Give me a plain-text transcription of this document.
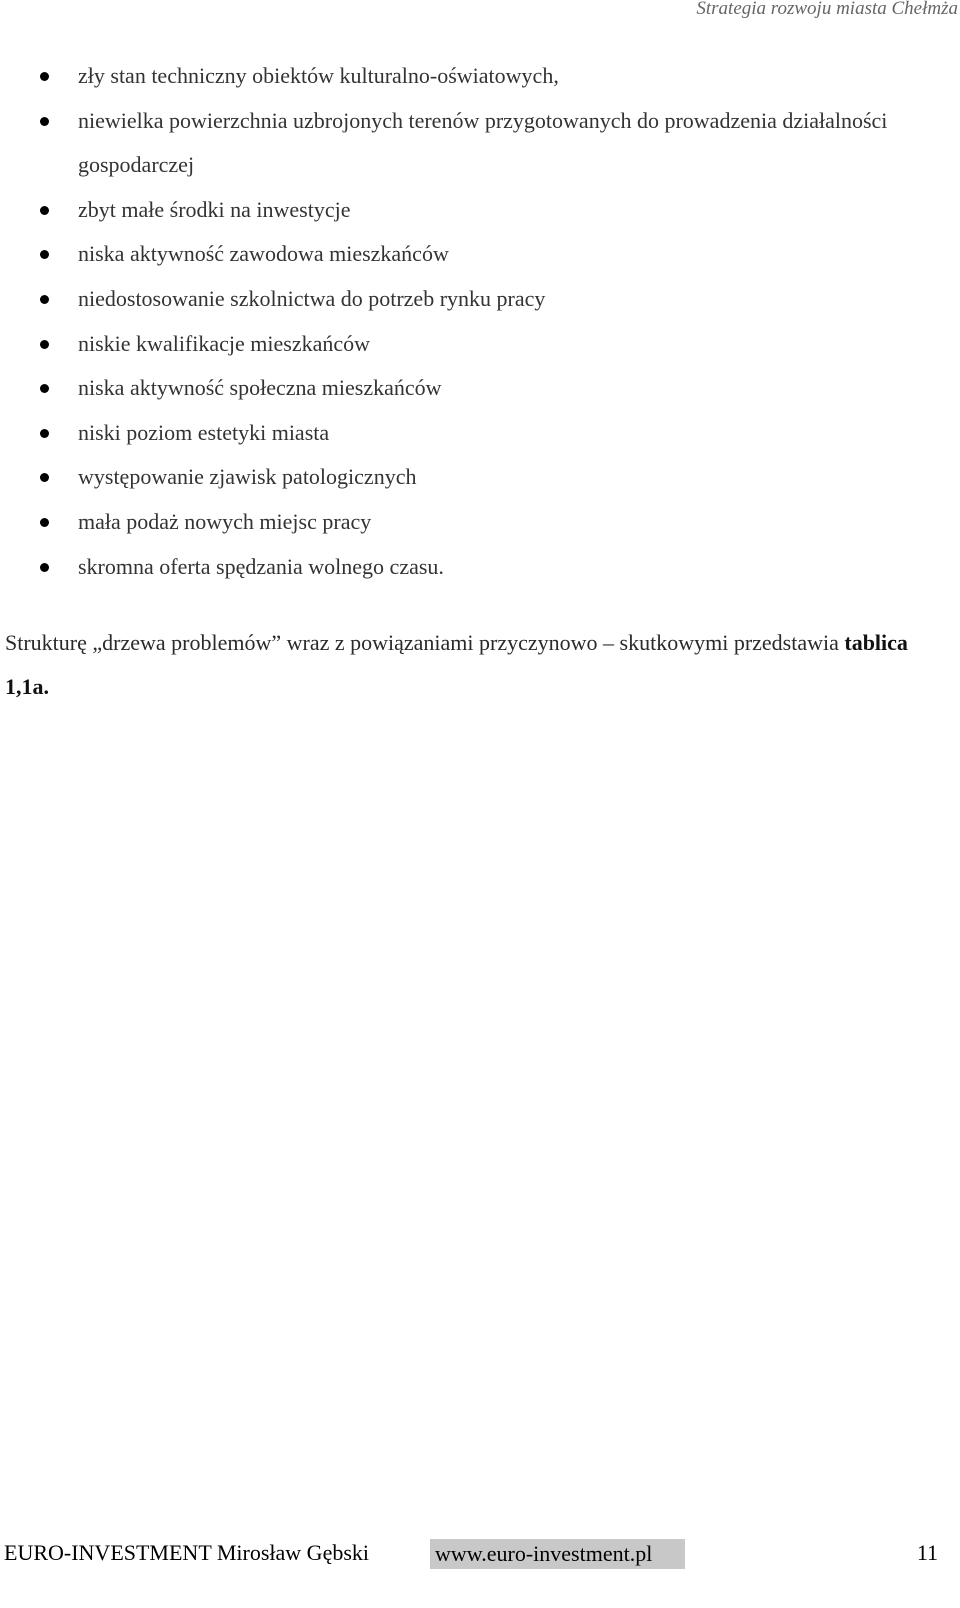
Strategia rozwoju miasta Chełmża
zły stan techniczny obiektów kulturalno-oświatowych,
niewielka powierzchnia uzbrojonych terenów przygotowanych do prowadzenia działalności gospodarczej
zbyt małe środki na inwestycje
niska aktywność zawodowa mieszkańców
niedostosowanie szkolnictwa do potrzeb rynku pracy
niskie kwalifikacje mieszkańców
niska aktywność społeczna mieszkańców
niski poziom estetyki miasta
występowanie zjawisk patologicznych
mała podaż nowych miejsc pracy
skromna oferta spędzania wolnego czasu.

Strukturę „drzewa problemów” wraz z powiązaniami przyczynowo – skutkowymi przedstawia tablica 1,1a.

EURO-INVESTMENT Mirosław Gębski	www.euro-investment.pl	11
